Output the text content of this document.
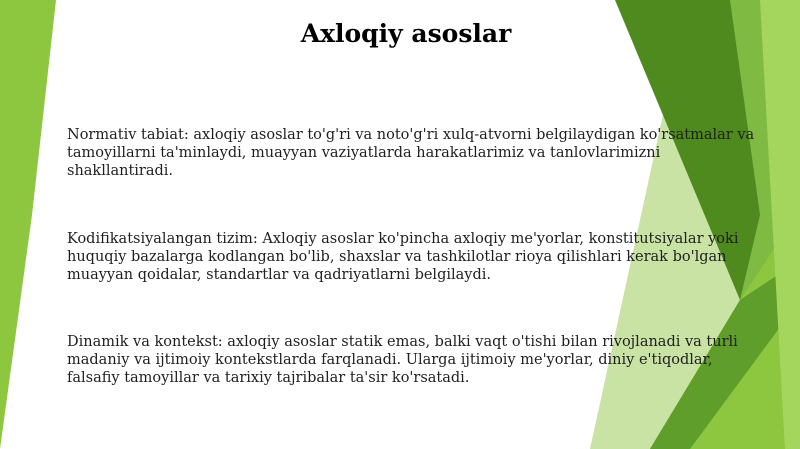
Axloqiy asoslar

Normativ tabiat: axloqiy asoslar to'g'ri va noto'g'ri xulq-atvorni belgilaydigan ko'rsatmalar va tamoyillarni ta'minlaydi, muayyan vaziyatlarda harakatlarimiz va tanlovlarimizni shakllantiradi.

Kodifikatsiyalangan tizim: Axloqiy asoslar ko'pincha axloqiy me'yorlar, konstitutsiyalar yoki huquqiy bazalarga kodlangan bo'lib, shaxslar va tashkilotlar rioya qilishlari kerak bo'lgan muayyan qoidalar, standartlar va qadriyatlarni belgilaydi.

Dinamik va kontekst: axloqiy asoslar statik emas, balki vaqt o'tishi bilan rivojlanadi va turli madaniy va ijtimoiy kontekstlarda farqlanadi. Ularga ijtimoiy me'yorlar, diniy e'tiqodlar, falsafiy tamoyillar va tarixiy tajribalar ta'sir ko'rsatadi.
